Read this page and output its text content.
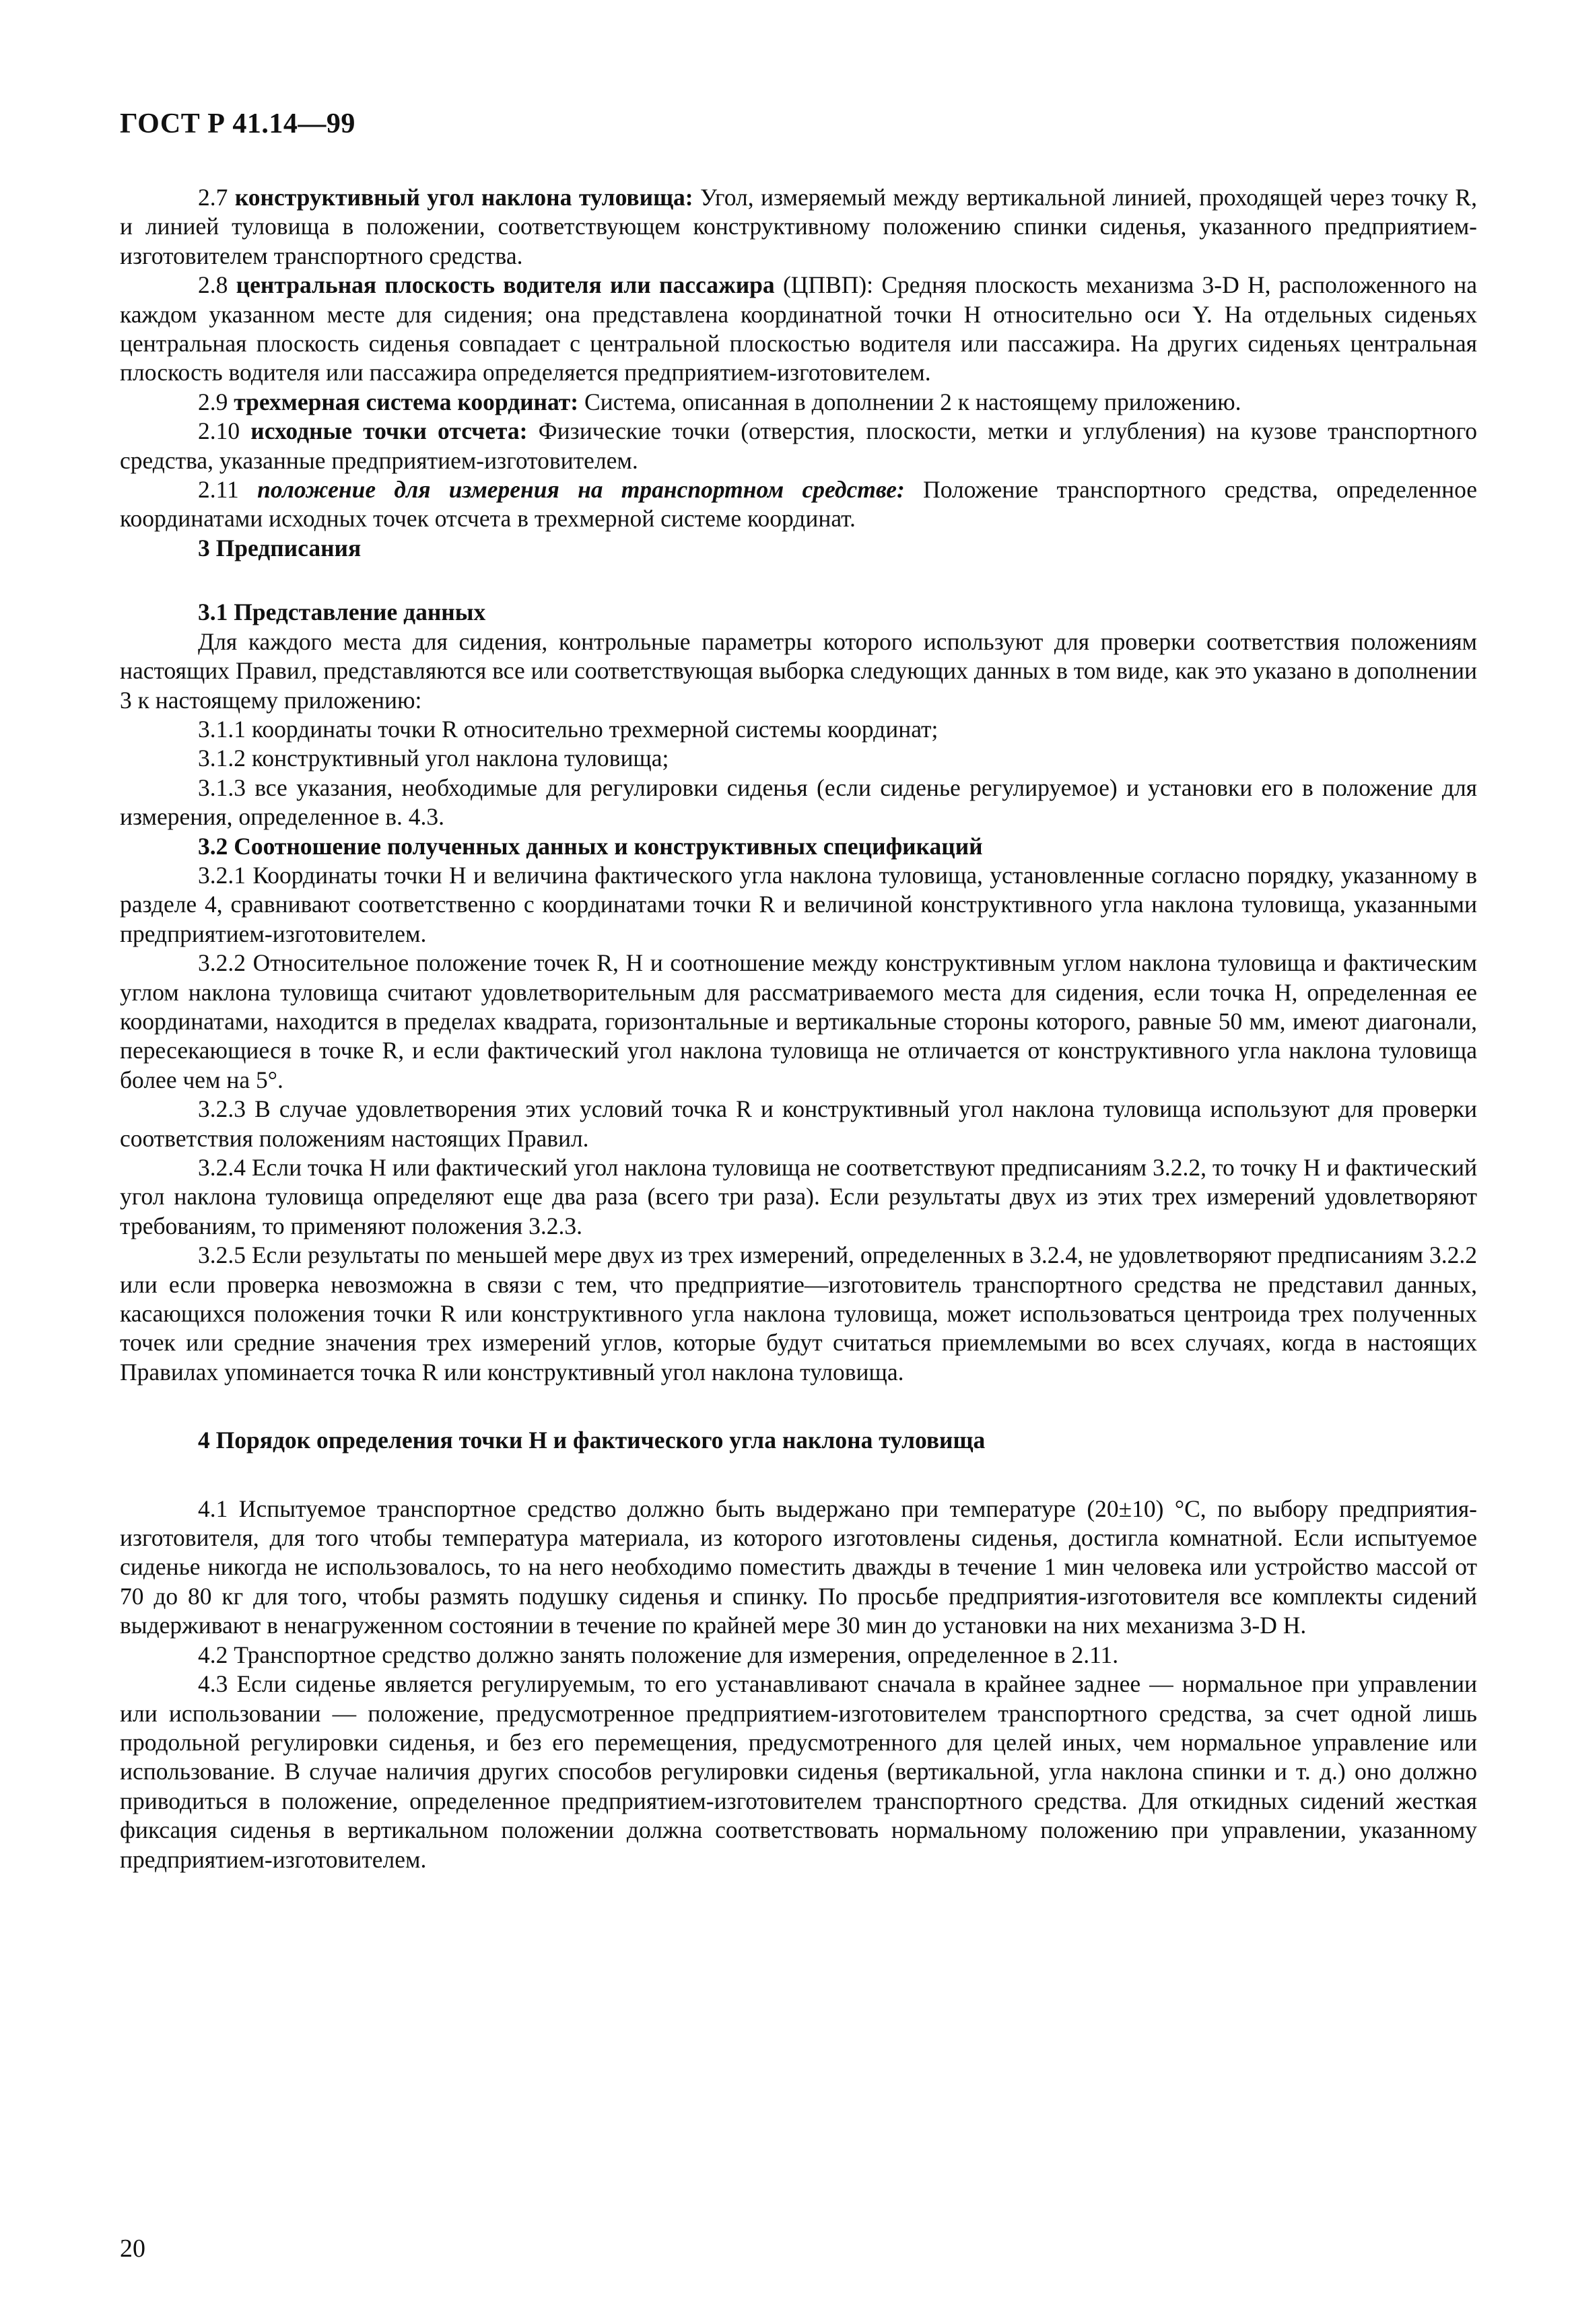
ГОСТ Р 41.14—99

2.7 конструктивный угол наклона туловища: Угол, измеряемый между вертикальной линией, проходящей через точку R, и линией туловища в положении, соответствующем конструктивному положению спинки сиденья, указанного предприятием-изготовителем транспортного средства.

2.8 центральная плоскость водителя или пассажира (ЦПВП): Средняя плоскость механизма 3-D H, расположенного на каждом указанном месте для сидения; она представлена координатной точки H относительно оси Y. На отдельных сиденьях центральная плоскость сиденья совпадает с центральной плоскостью водителя или пассажира. На других сиденьях центральная плоскость водителя или пассажира определяется предприятием-изготовителем.

2.9 трехмерная система координат: Система, описанная в дополнении 2 к настоящему приложению.

2.10 исходные точки отсчета: Физические точки (отверстия, плоскости, метки и углубления) на кузове транспортного средства, указанные предприятием-изготовителем.

2.11 положение для измерения на транспортном средстве: Положение транспортного средства, определенное координатами исходных точек отсчета в трехмерной системе координат.

3 Предписания
3.1 Представление данных

Для каждого места для сидения, контрольные параметры которого используют для проверки соответствия положениям настоящих Правил, представляются все или соответствующая выборка следующих данных в том виде, как это указано в дополнении 3 к настоящему приложению:

3.1.1 координаты точки R относительно трехмерной системы координат;

3.1.2 конструктивный угол наклона туловища;

3.1.3 все указания, необходимые для регулировки сиденья (если сиденье регулируемое) и установки его в положение для измерения, определенное в. 4.3.

3.2 Соотношение полученных данных и конструктивных спецификаций

3.2.1 Координаты точки H и величина фактического угла наклона туловища, установленные согласно порядку, указанному в разделе 4, сравнивают соответственно с координатами точки R и величиной конструктивного угла наклона туловища, указанными предприятием-изготовителем.

3.2.2 Относительное положение точек R, H и соотношение между конструктивным углом наклона туловища и фактическим углом наклона туловища считают удовлетворительным для рассматриваемого места для сидения, если точка H, определенная ее координатами, находится в пределах квадрата, горизонтальные и вертикальные стороны которого, равные 50 мм, имеют диагонали, пересекающиеся в точке R, и если фактический угол наклона туловища не отличается от конструктивного угла наклона туловища более чем на 5°.

3.2.3 В случае удовлетворения этих условий точка R и конструктивный угол наклона туловища используют для проверки соответствия положениям настоящих Правил.

3.2.4 Если точка H или фактический угол наклона туловища не соответствуют предписаниям 3.2.2, то точку H и фактический угол наклона туловища определяют еще два раза (всего три раза). Если результаты двух из этих трех измерений удовлетворяют требованиям, то применяют положения 3.2.3.

3.2.5 Если результаты по меньшей мере двух из трех измерений, определенных в 3.2.4, не удовлетворяют предписаниям 3.2.2 или если проверка невозможна в связи с тем, что предприятие—изготовитель транспортного средства не представил данных, касающихся положения точки R или конструктивного угла наклона туловища, может использоваться центроида трех полученных точек или средние значения трех измерений углов, которые будут считаться приемлемыми во всех случаях, когда в настоящих Правилах упоминается точка R или конструктивный угол наклона туловища.

4 Порядок определения точки H и фактического угла наклона туловища

4.1 Испытуемое транспортное средство должно быть выдержано при температуре (20±10) °С, по выбору предприятия-изготовителя, для того чтобы температура материала, из которого изготовлены сиденья, достигла комнатной. Если испытуемое сиденье никогда не использовалось, то на него необходимо поместить дважды в течение 1 мин человека или устройство массой от 70 до 80 кг для того, чтобы размять подушку сиденья и спинку. По просьбе предприятия-изготовителя все комплекты сидений выдерживают в ненагруженном состоянии в течение по крайней мере 30 мин до установки на них механизма 3-D H.

4.2 Транспортное средство должно занять положение для измерения, определенное в 2.11.

4.3 Если сиденье является регулируемым, то его устанавливают сначала в крайнее заднее — нормальное при управлении или использовании — положение, предусмотренное предприятием-изготовителем транспортного средства, за счет одной лишь продольной регулировки сиденья, и без его перемещения, предусмотренного для целей иных, чем нормальное управление или использование. В случае наличия других способов регулировки сиденья (вертикальной, угла наклона спинки и т. д.) оно должно приводиться в положение, определенное предприятием-изготовителем транспортного средства. Для откидных сидений жесткая фиксация сиденья в вертикальном положении должна соответствовать нормальному положению при управлении, указанному предприятием-изготовителем.

20
